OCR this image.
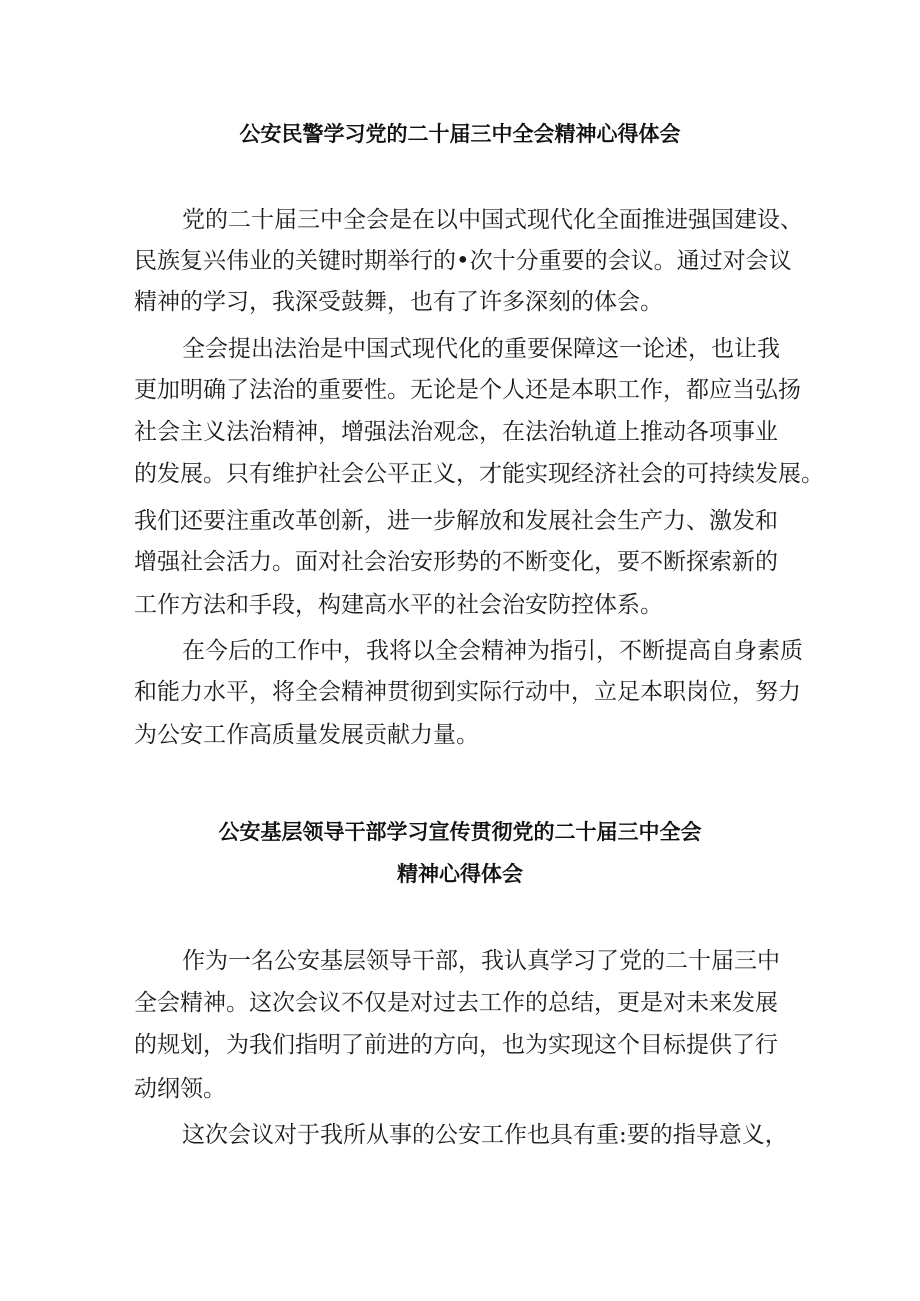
公安民警学习党的二十届三中全会精神心得体会
党的二十届三中全会是在以中国式现代化全面推进强国建设、
民族复兴伟业的关键时期举行的•次十分重要的会议。通过对会议
精神的学习，我深受鼓舞，也有了许多深刻的体会。
全会提出法治是中国式现代化的重要保障这一论述，也让我
更加明确了法治的重要性。无论是个人还是本职工作，都应当弘扬
社会主义法治精神，增强法治观念，在法治轨道上推动各项事业
的发展。只有维护社会公平正义，才能实现经济社会的可持续发展。
我们还要注重改革创新，进一步解放和发展社会生产力、激发和
增强社会活力。面对社会治安形势的不断变化，要不断探索新的
工作方法和手段，构建高水平的社会治安防控体系。
在今后的工作中，我将以全会精神为指引，不断提高自身素质
和能力水平，将全会精神贯彻到实际行动中，立足本职岗位，努力
为公安工作高质量发展贡献力量。
公安基层领导干部学习宣传贯彻党的二十届三中全会
精神心得体会
作为一名公安基层领导干部，我认真学习了党的二十届三中
全会精神。这次会议不仅是对过去工作的总结，更是对未来发展
的规划，为我们指明了前进的方向，也为实现这个目标提供了行
动纲领。
这次会议对于我所从事的公安工作也具有重:要的指导意义，
